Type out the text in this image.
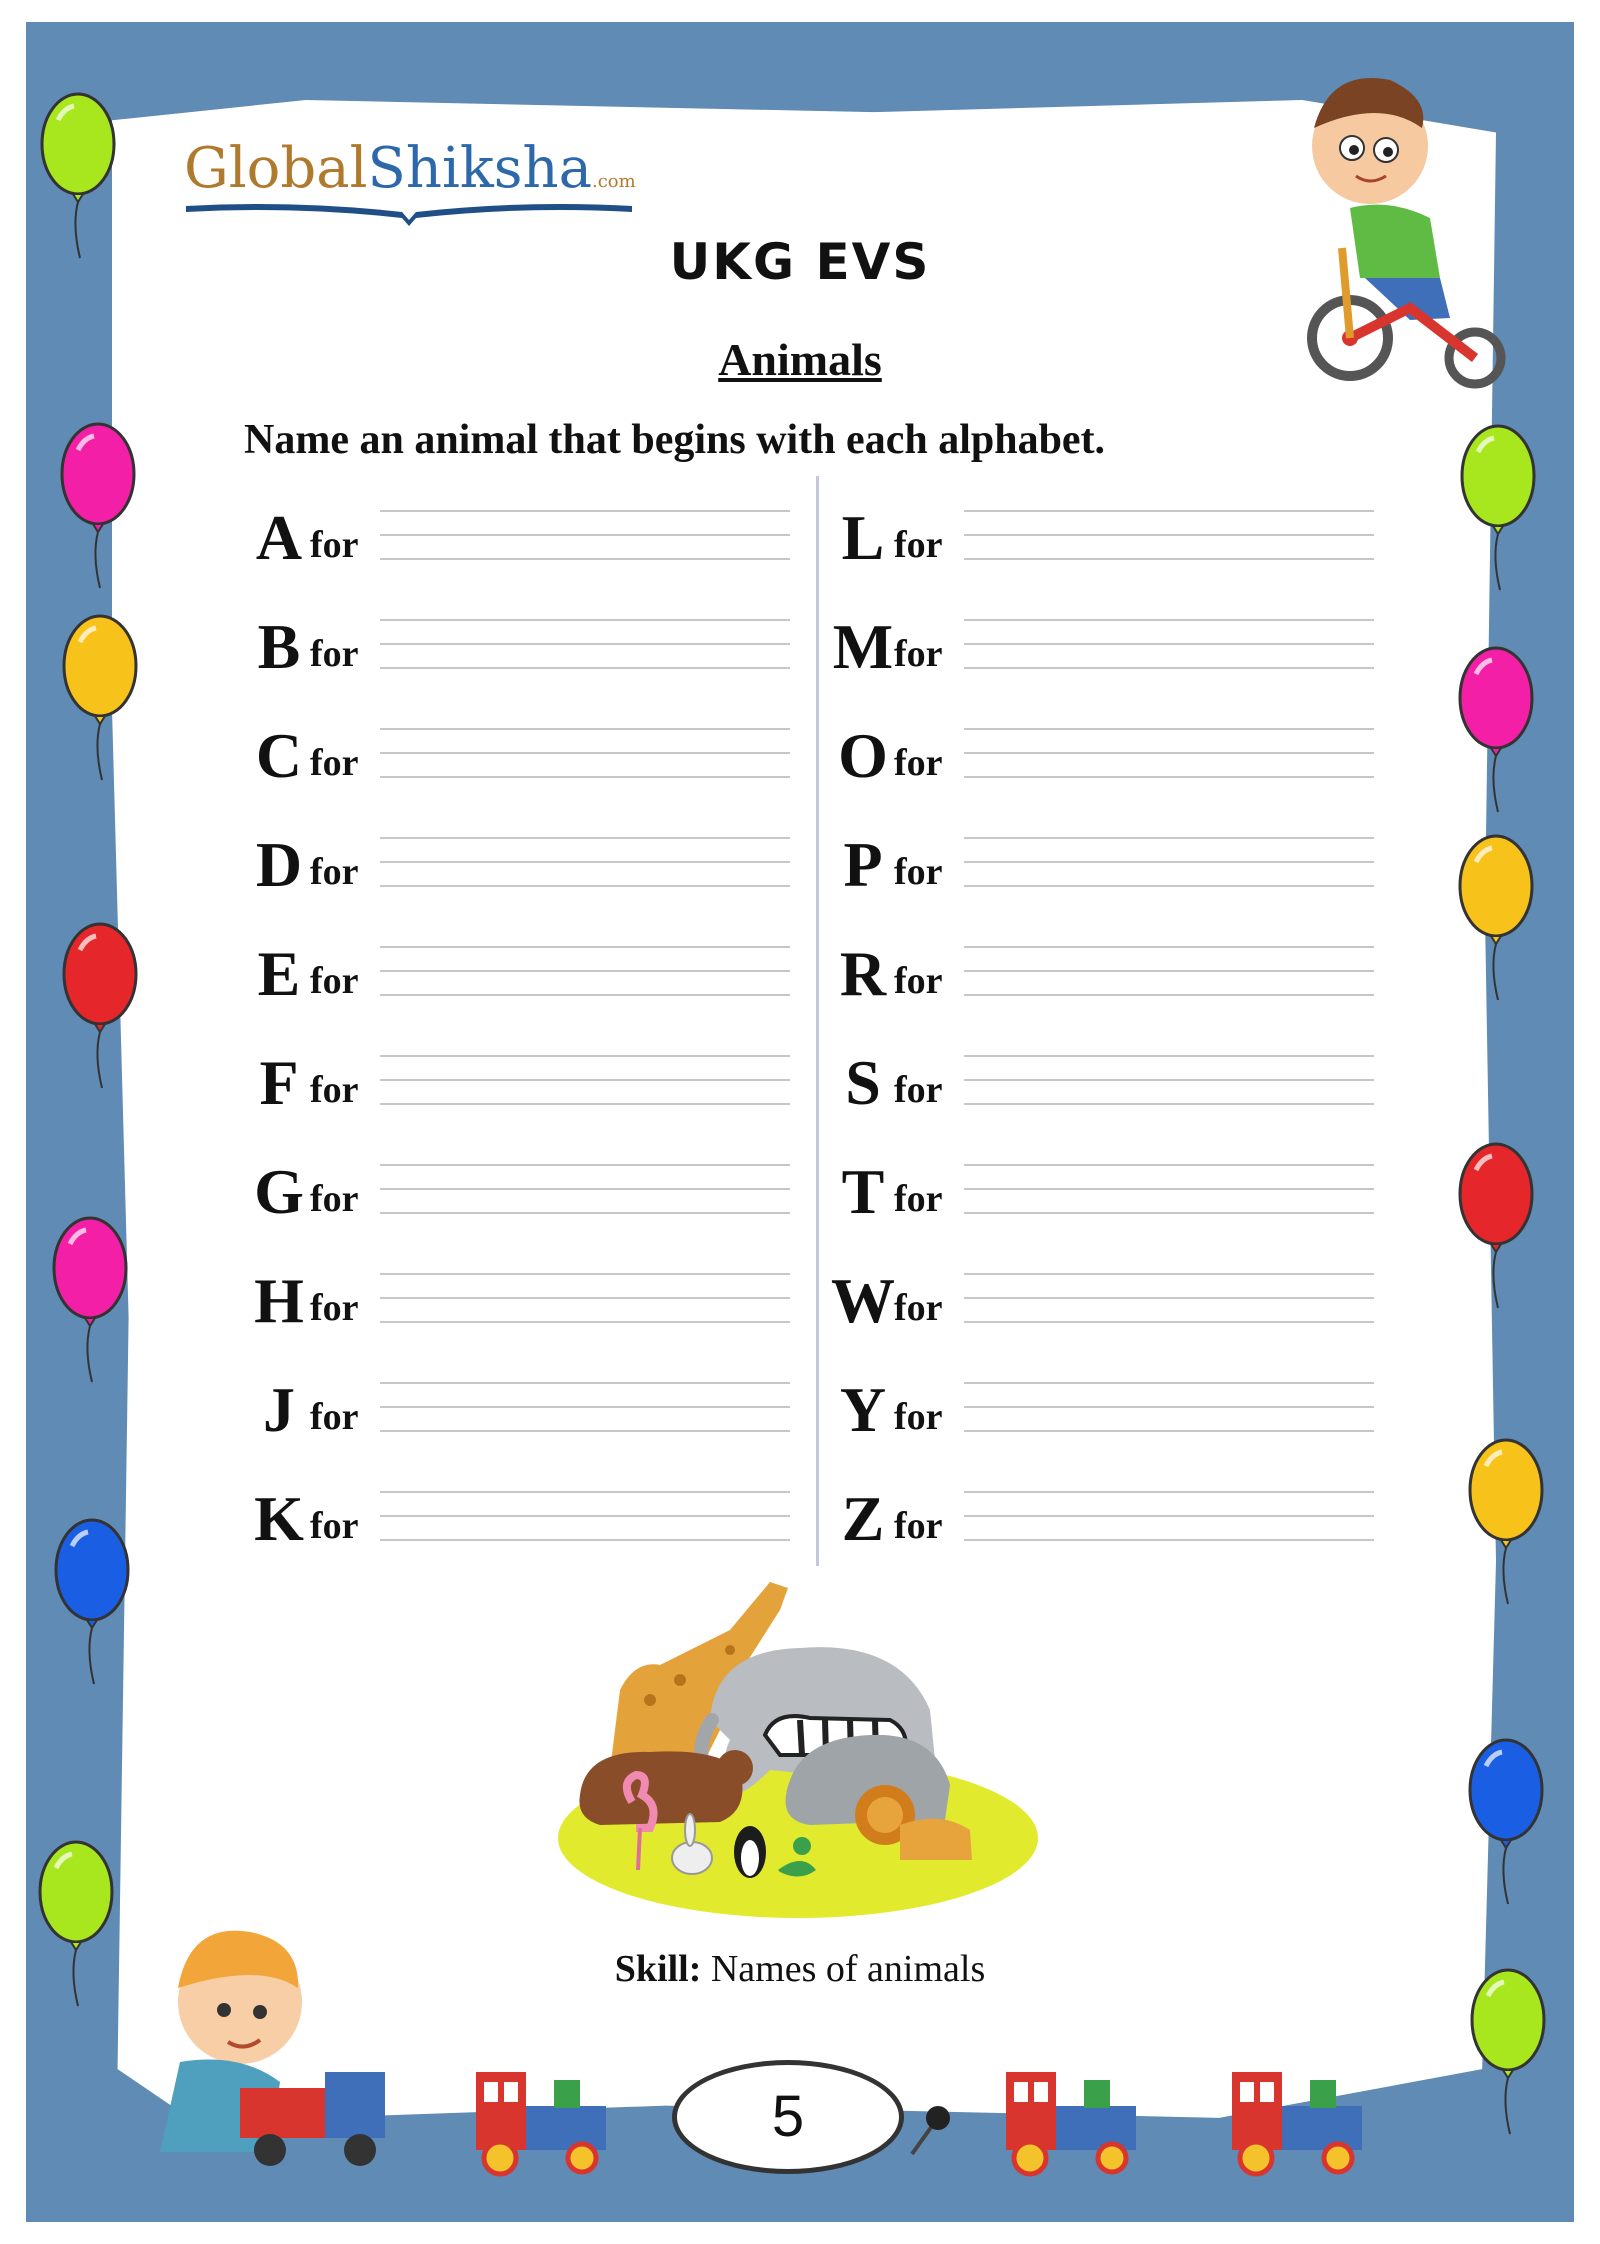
GlobalShiksha.com
UKG EVS
Animals
Name an animal that begins with each alphabet.
A for
B for
C for
D for
E for
F for
G for
H for
J for
K for
L for
M for
O for
P for
R for
S for
T for
W for
Y for
Z for
Skill: Names of animals
5
